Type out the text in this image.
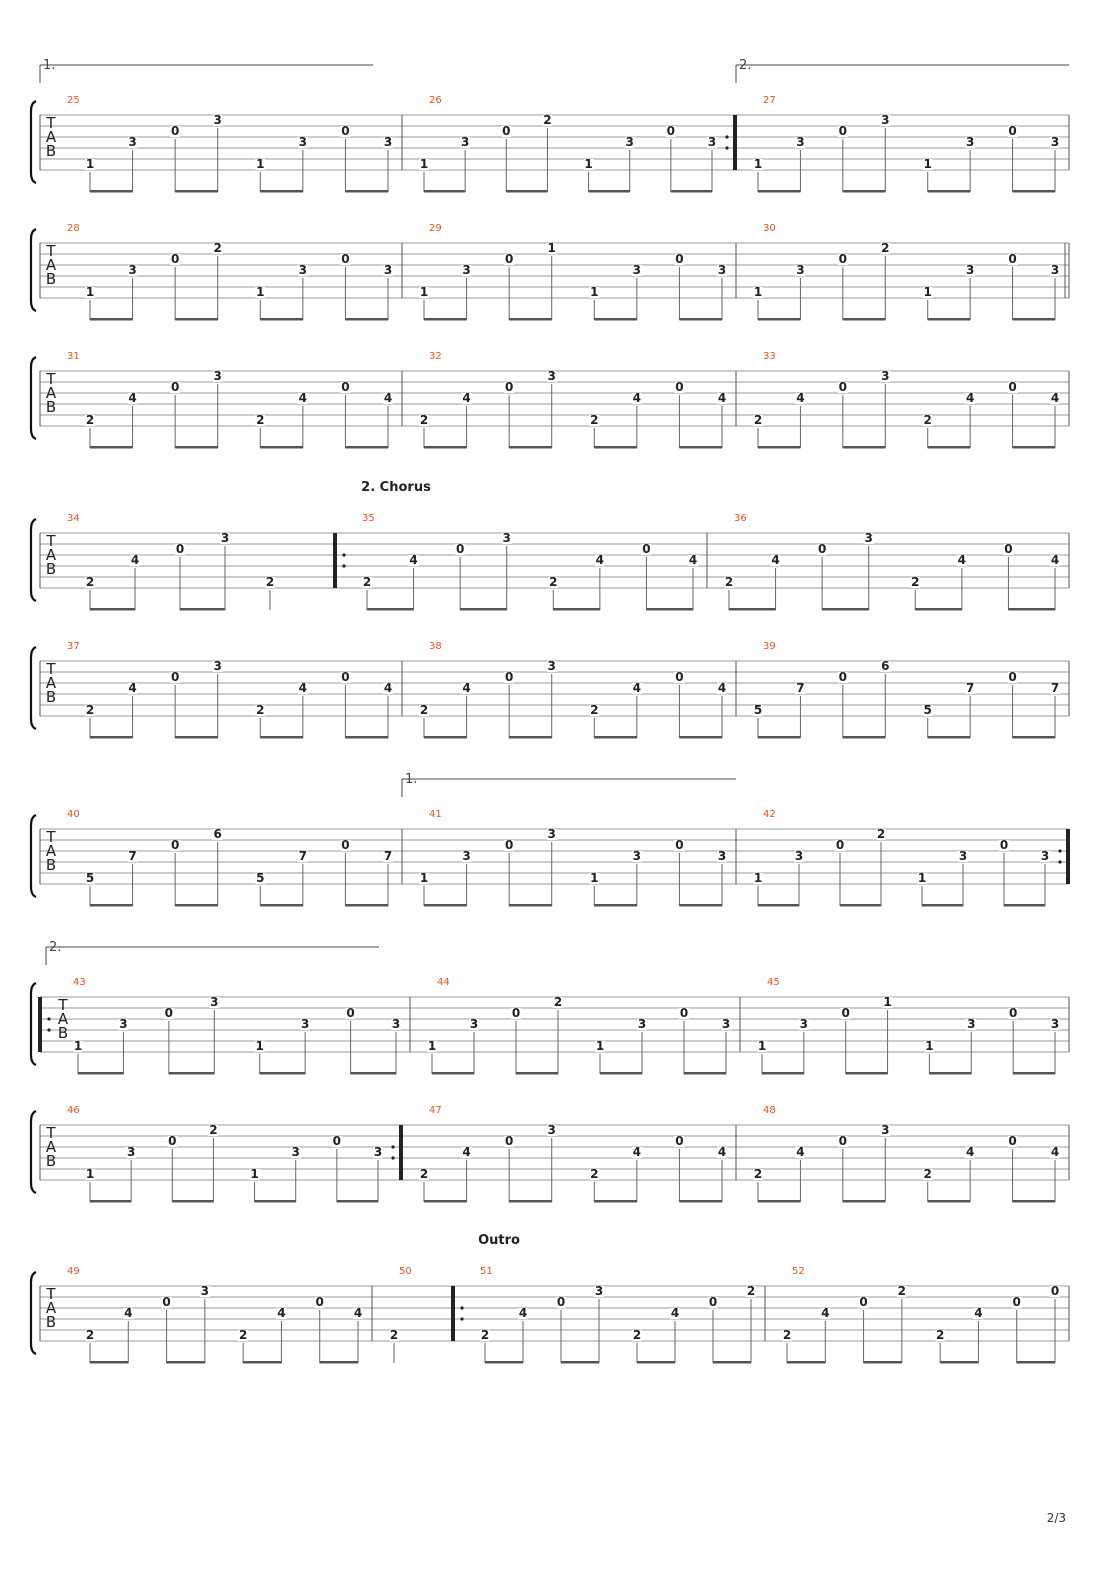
T
A
B
25
1.
1
3
0
3
1
3
0
3
26
1
3
0
2
1
3
0
3
27
2.
1
3
0
3
1
3
0
3
T
A
B
28
1
3
0
2
1
3
0
3
29
1
3
0
1
1
3
0
3
30
1
3
0
2
1
3
0
3
T
A
B
31
2
4
0
3
2
4
0
4
32
2
4
0
3
2
4
0
4
33
2
4
0
3
2
4
0
4
T
A
B
2. Chorus
34
2
4
0
3
2
35
2
4
0
3
2
4
0
4
36
2
4
0
3
2
4
0
4
T
A
B
37
2
4
0
3
2
4
0
4
38
2
4
0
3
2
4
0
4
39
5
7
0
6
5
7
0
7
T
A
B
40
5
7
0
6
5
7
0
7
41
1.
1
3
0
3
1
3
0
3
42
1
3
0
2
1
3
0
3
T
A
B
43
2.
1
3
0
3
1
3
0
3
44
1
3
0
2
1
3
0
3
45
1
3
0
1
1
3
0
3
T
A
B
46
1
3
0
2
1
3
0
3
47
2
4
0
3
2
4
0
4
48
2
4
0
3
2
4
0
4
T
A
B
Outro
49
2
4
0
3
2
4
0
4
50
2
51
2
4
0
3
2
4
0
2
52
2
4
0
2
2
4
0
0
2/3
